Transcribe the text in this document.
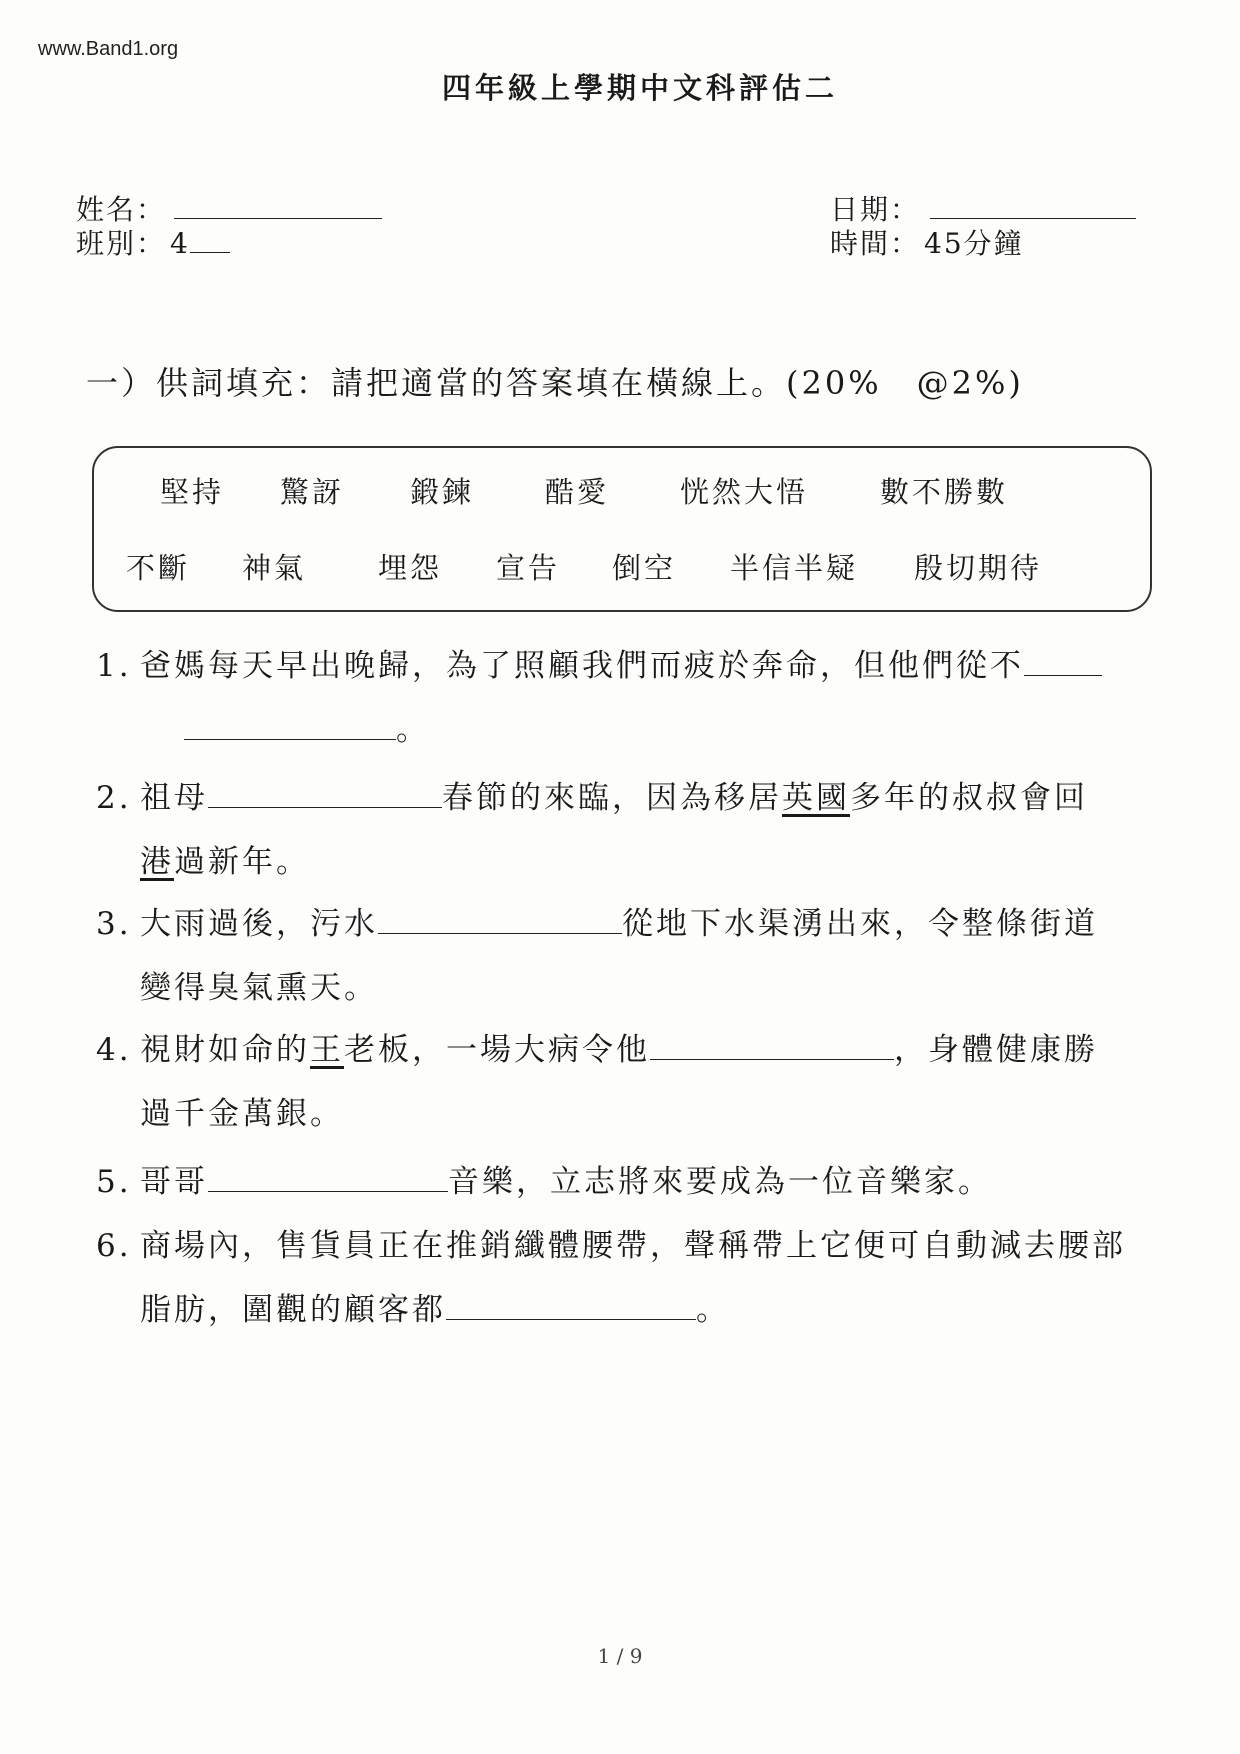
www.Band1.org
四年級上學期中文科評估二
姓名：
班別： 4
日期：
時間： 45分鐘
一）供詞填充：請把適當的答案填在橫線上。(20%　@2%)
堅持 驚訝 鍛鍊 酷愛 恍然大悟 數不勝數
不斷 神氣 埋怨 宣告 倒空 半信半疑 殷切期待
1. 爸媽每天早出晚歸，為了照顧我們而疲於奔命，但他們從不
。
2. 祖母	春節的來臨，因為移居英國多年的叔叔會回
港過新年。
3. 大雨過後，污水	從地下水渠湧出來，令整條街道
變得臭氣熏天。
4. 視財如命的王老板，一場大病令他	，身體健康勝
過千金萬銀。
5. 哥哥	音樂，立志將來要成為一位音樂家。
6. 商場內，售貨員正在推銷纖體腰帶，聲稱帶上它便可自動減去腰部
脂肪，圍觀的顧客都	。
1 / 9
